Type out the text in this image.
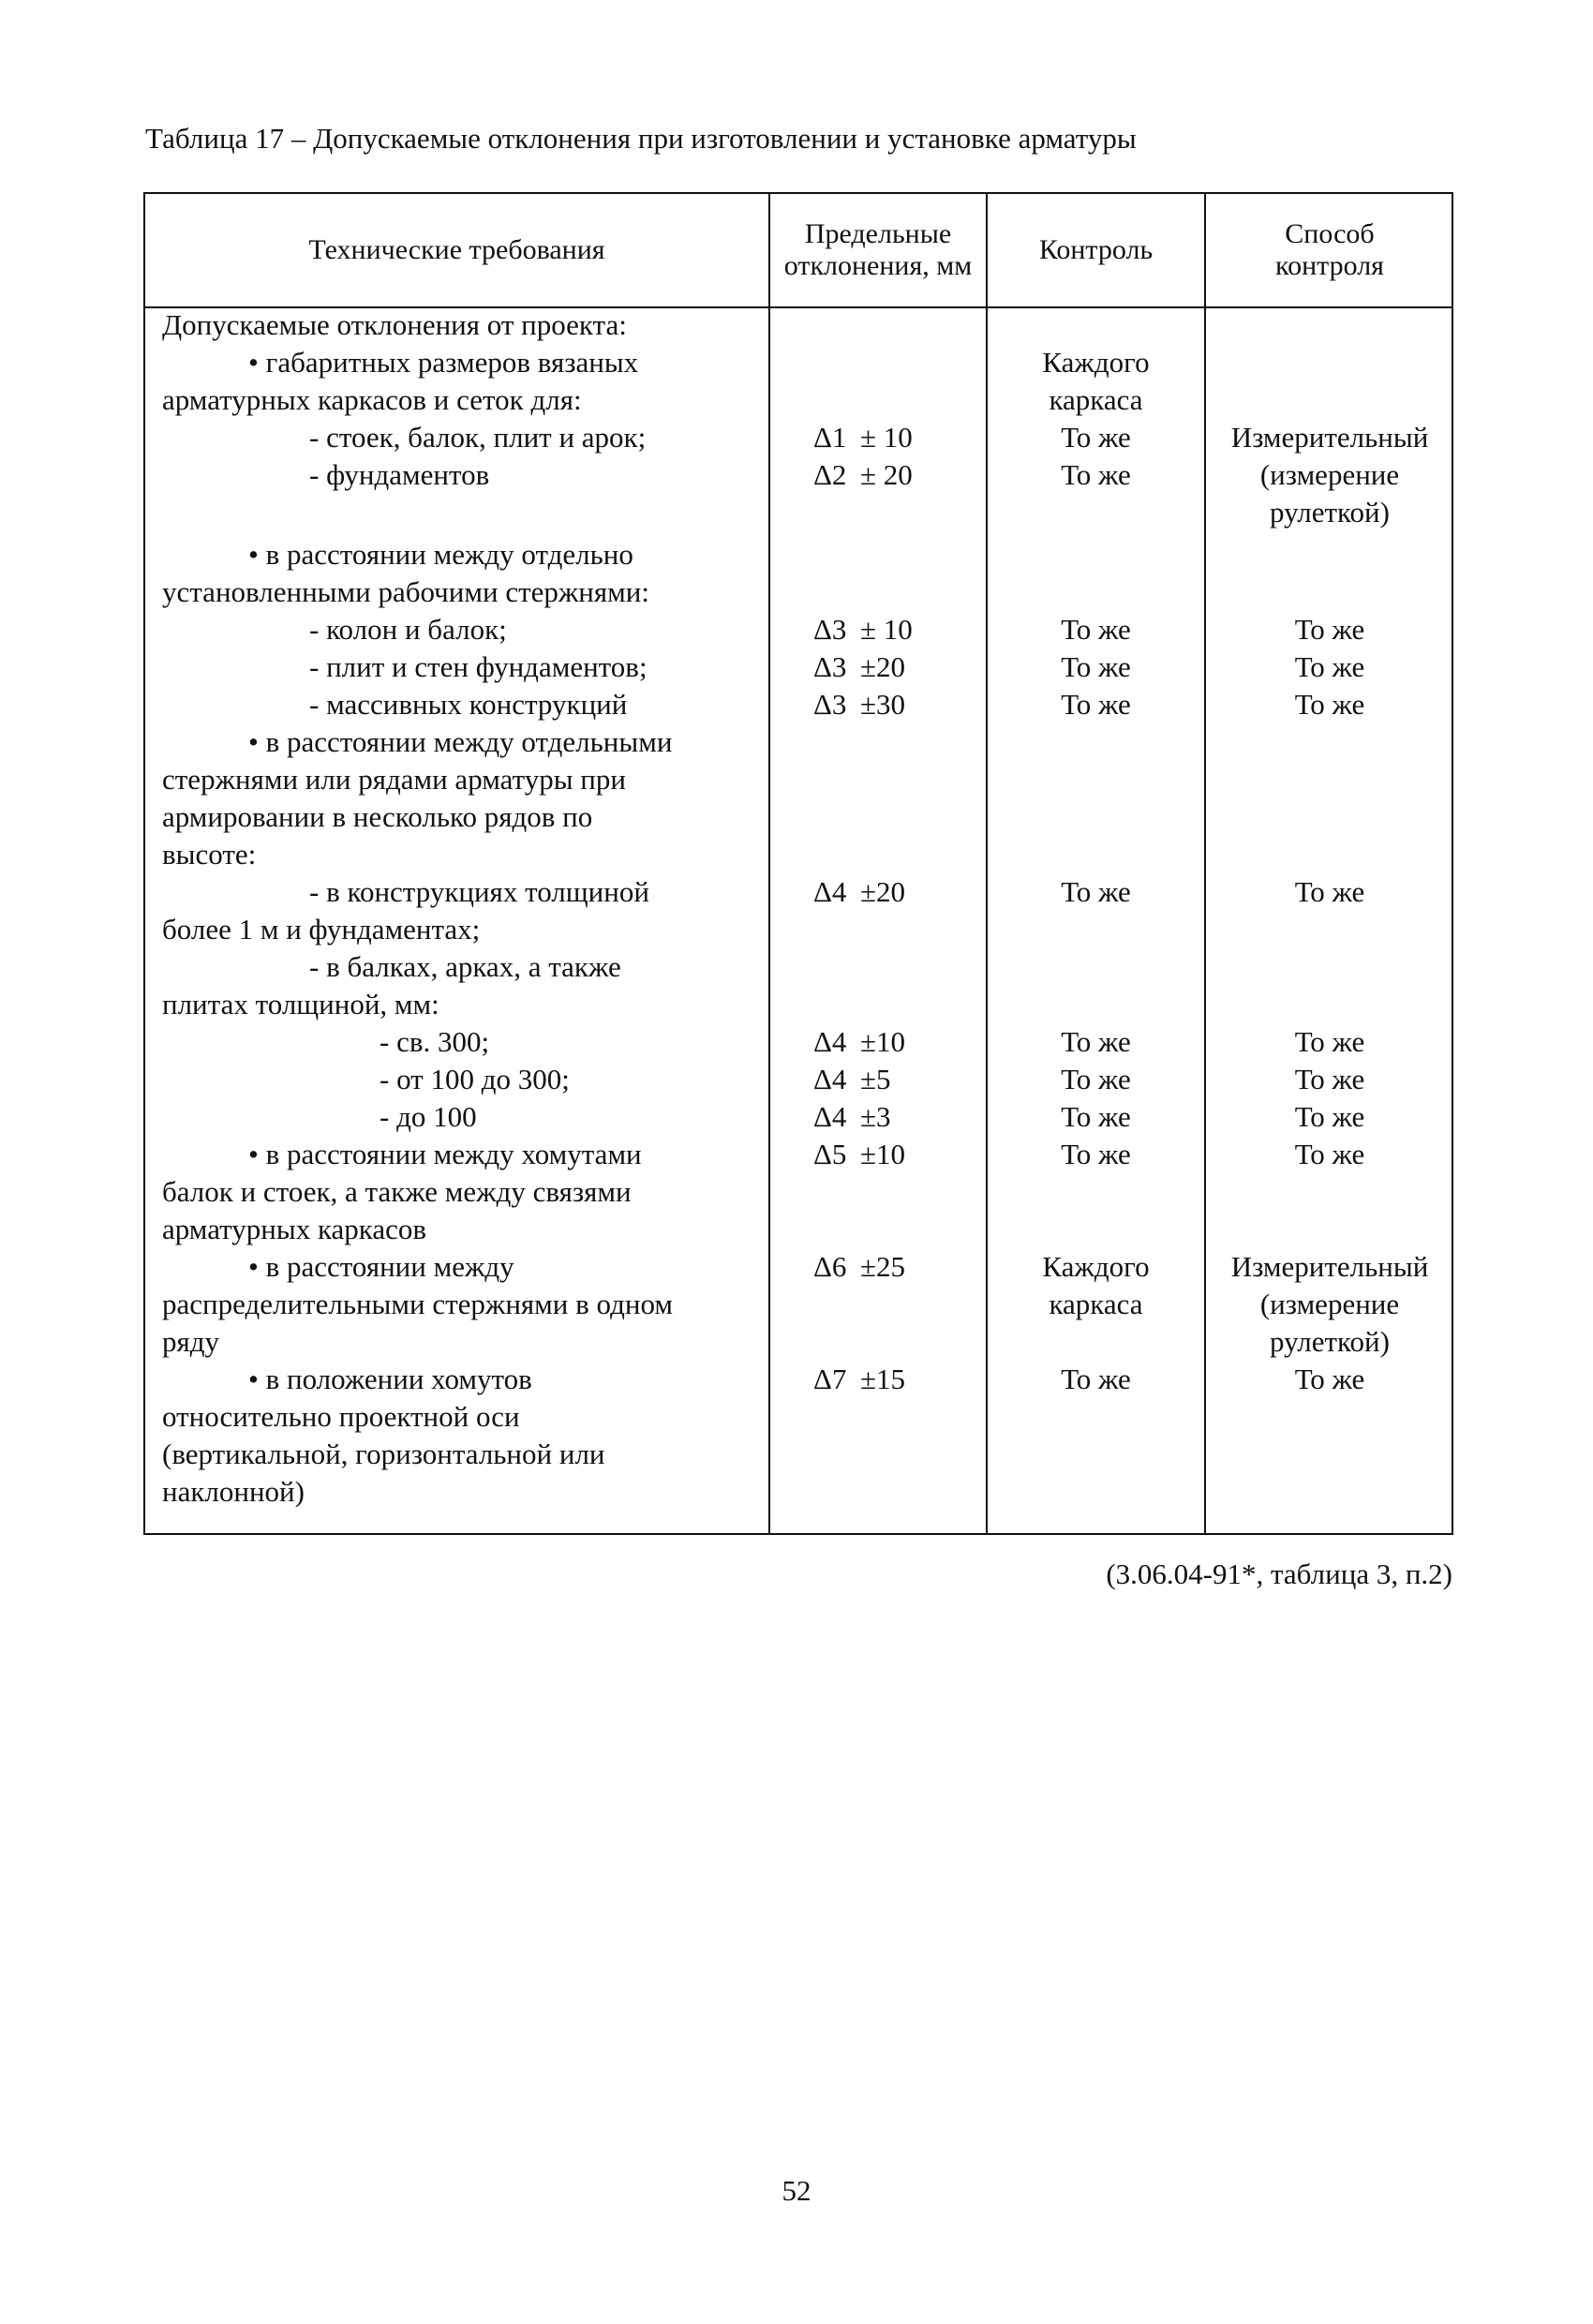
Таблица 17 – Допускаемые отклонения при изготовлении и установке арматуры
Технические требования
Предельные отклонения, мм
Контроль
Способ контроля
Допускаемые отклонения от проекта:
• габаритных размеров вязаных
арматурных каркасов и сеток для:
- стоек, балок, плит и арок;
- фундаментов
• в расстоянии между отдельно
установленными рабочими стержнями:
- колон и балок;
- плит и стен фундаментов;
- массивных конструкций
• в расстоянии между отдельными
стержнями или рядами арматуры при
армировании в несколько рядов по
высоте:
- в конструкциях толщиной
более 1 м и фундаментах;
- в балках, арках, а также
плитах толщиной, мм:
- св. 300;
- от 100 до 300;
- до 100
• в расстоянии между хомутами
балок и стоек, а также между связями
арматурных каркасов
• в расстоянии между
распределительными стержнями в одном
ряду
• в положении хомутов
относительно проектной оси
(вертикальной, горизонтальной или
наклонной)
Δ1 ± 10
Δ2 ± 20
Δ3 ± 10
Δ3 ±20
Δ3 ±30
Δ4 ±20
Δ4 ±10
Δ4 ±5
Δ4 ±3
Δ5 ±10
Δ6 ±25
Δ7 ±15
Каждого
каркаса
То же
То же
То же
То же
То же
То же
То же
То же
То же
То же
Каждого
каркаса
То же
Измерительный
(измерение
рулеткой)
То же
То же
То же
То же
То же
То же
То же
То же
Измерительный
(измерение
рулеткой)
То же
(3.06.04-91*, таблица 3, п.2)
52
